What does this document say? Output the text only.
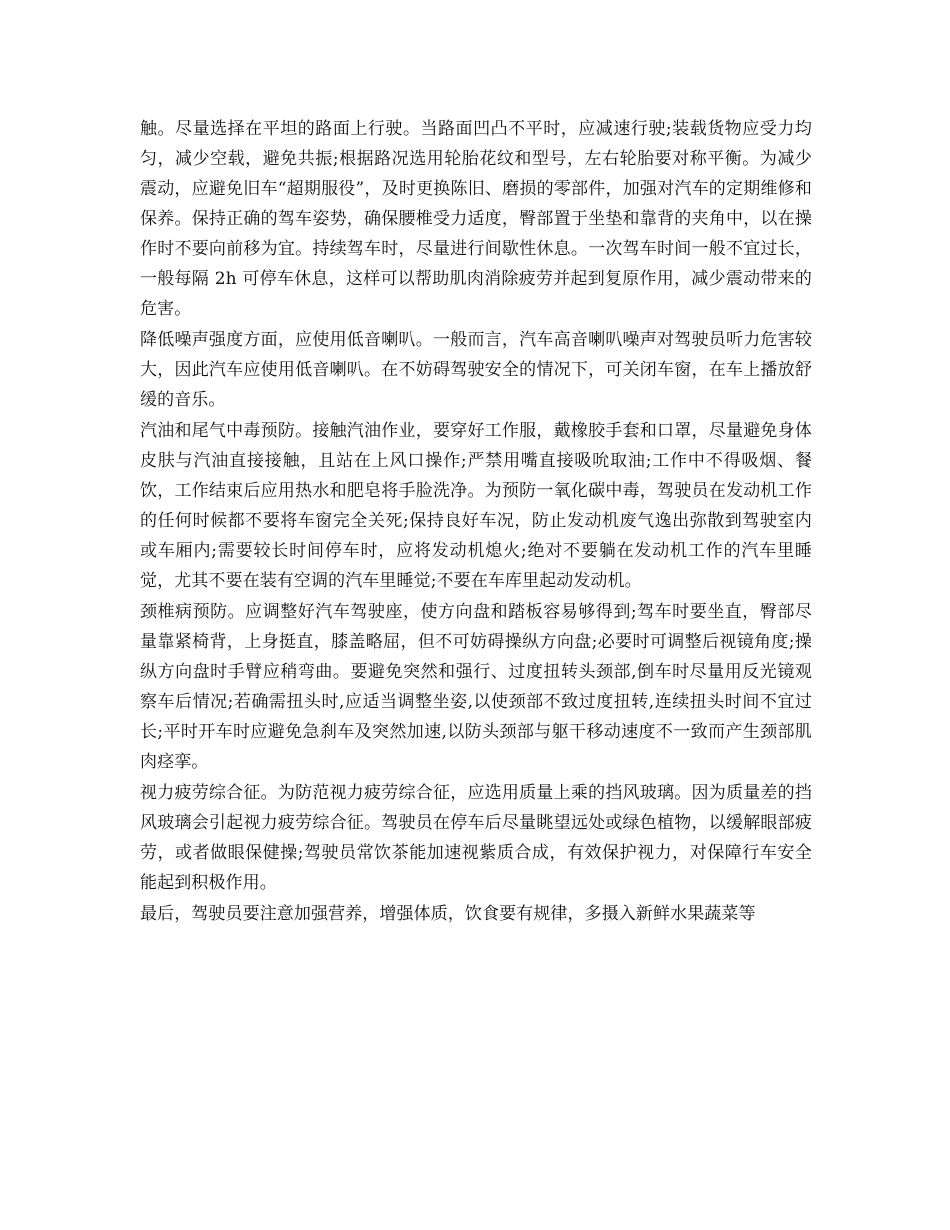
触。尽量选择在平坦的路面上行驶。当路面凹凸不平时，应减速行驶;装载货物应受力均匀，减少空载，避免共振;根据路况选用轮胎花纹和型号，左右轮胎要对称平衡。为减少震动，应避免旧车“超期服役”，及时更换陈旧、磨损的零部件，加强对汽车的定期维修和保养。保持正确的驾车姿势，确保腰椎受力适度，臀部置于坐垫和靠背的夹角中，以在操作时不要向前移为宜。持续驾车时，尽量进行间歇性休息。一次驾车时间一般不宜过长，一般每隔 2h 可停车休息，这样可以帮助肌肉消除疲劳并起到复原作用，减少震动带来的危害。

降低噪声强度方面，应使用低音喇叭。一般而言，汽车高音喇叭噪声对驾驶员听力危害较大，因此汽车应使用低音喇叭。在不妨碍驾驶安全的情况下，可关闭车窗，在车上播放舒缓的音乐。

汽油和尾气中毒预防。接触汽油作业，要穿好工作服，戴橡胶手套和口罩，尽量避免身体皮肤与汽油直接接触，且站在上风口操作;严禁用嘴直接吸吮取油;工作中不得吸烟、餐饮，工作结束后应用热水和肥皂将手脸洗净。为预防一氧化碳中毒，驾驶员在发动机工作的任何时候都不要将车窗完全关死;保持良好车况，防止发动机废气逸出弥散到驾驶室内或车厢内;需要较长时间停车时，应将发动机熄火;绝对不要躺在发动机工作的汽车里睡觉，尤其不要在装有空调的汽车里睡觉;不要在车库里起动发动机。

颈椎病预防。应调整好汽车驾驶座，使方向盘和踏板容易够得到;驾车时要坐直，臀部尽量靠紧椅背，上身挺直，膝盖略屈，但不可妨碍操纵方向盘;必要时可调整后视镜角度;操纵方向盘时手臂应稍弯曲。要避免突然和强行、过度扭转头颈部,倒车时尽量用反光镜观察车后情况;若确需扭头时,应适当调整坐姿,以使颈部不致过度扭转,连续扭头时间不宜过长;平时开车时应避免急刹车及突然加速,以防头颈部与躯干移动速度不一致而产生颈部肌肉痉挛。

视力疲劳综合征。为防范视力疲劳综合征，应选用质量上乘的挡风玻璃。因为质量差的挡风玻璃会引起视力疲劳综合征。驾驶员在停车后尽量眺望远处或绿色植物，以缓解眼部疲劳，或者做眼保健操;驾驶员常饮茶能加速视紫质合成，有效保护视力，对保障行车安全能起到积极作用。

最后，驾驶员要注意加强营养，增强体质，饮食要有规律，多摄入新鲜水果蔬菜等
